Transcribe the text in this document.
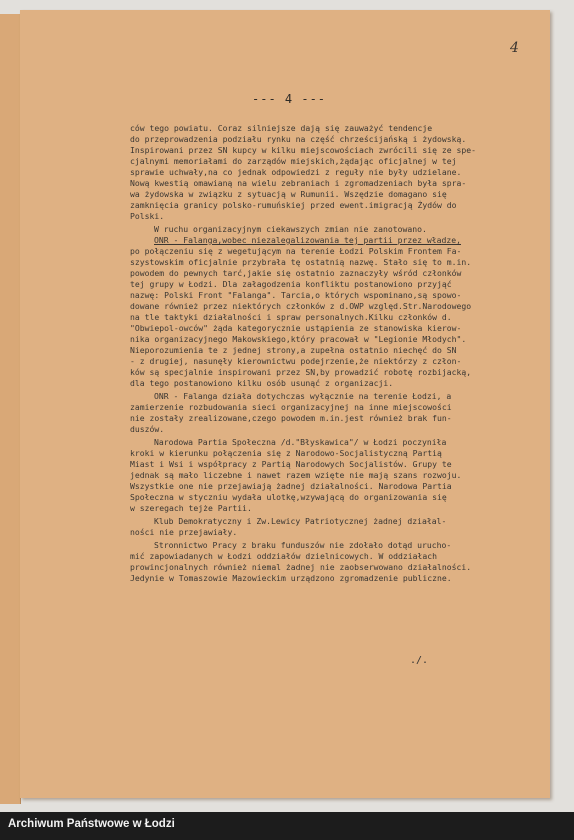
4
--- 4 ---
ców tego powiatu. Coraz silniejsze dają się zauważyć tendencje
do przeprowadzenia podziału rynku na część chrześcijańską i żydowską.
Inspirowani przez SN kupcy w kilku miejscowościach zwrócili się ze spe-
cjalnymi memoriałami do zarządów miejskich,żądając oficjalnej w tej
sprawie uchwały,na co jednak odpowiedzi z reguły nie były udzielane.
Nową kwestią omawianą na wielu zebraniach i zgromadzeniach była spra-
wa żydowska w związku z sytuacją w Rumunii. Wszędzie domagano się
zamknięcia granicy polsko-rumuńskiej przed ewent.imigracją Żydów do
Polski.
W ruchu organizacyjnym ciekawszych zmian nie zanotowano.
ONR - Falanga,wobec niezalegalizowania tej partii przez władze,
po połączeniu się z wegetującym na terenie Łodzi Polskim Frontem Fa-
szystowskim oficjalnie przybrała tę ostatnią nazwę. Stało się to m.in.
powodem do pewnych tarć,jakie się ostatnio zaznaczyły wśród członków
tej grupy w Łodzi. Dla załagodzenia konfliktu postanowiono przyjąć
nazwę: Polski Front "Falanga". Tarcia,o których wspominano,są spowo-
dowane również przez niektórych członków z d.OWP względ.Str.Narodowego
na tle taktyki działalności i spraw personalnych.Kilku członków d.
"Obwiepol-owców" żąda kategorycznie ustąpienia ze stanowiska kierow-
nika organizacyjnego Makowskiego,który pracował w "Legionie Młodych".
Nieporozumienia te z jednej strony,a zupełna ostatnio niechęć do SN
- z drugiej, nasunęły kierownictwu podejrzenie,że niektórzy z człon-
ków są specjalnie inspirowani przez SN,by prowadzić robotę rozbijacką,
dla tego postanowiono kilku osób usunąć z organizacji.
ONR - Falanga działa dotychczas wyłącznie na terenie Łodzi, a
zamierzenie rozbudowania sieci organizacyjnej na inne miejscowości
nie zostały zrealizowane,czego powodem m.in.jest również brak fun-
duszów.
Narodowa Partia Społeczna /d."Błyskawica"/ w Łodzi poczyniła
kroki w kierunku połączenia się z Narodowo-Socjalistyczną Partią
Miast i Wsi i współpracy z Partią Narodowych Socjalistów. Grupy te
jednak są mało liczebne i nawet razem wzięte nie mają szans rozwoju.
Wszystkie one nie przejawiają żadnej działalności. Narodowa Partia
Społeczna w styczniu wydała ulotkę,wzywającą do organizowania się
w szeregach tejże Partii.
Klub Demokratyczny i Zw.Lewicy Patriotycznej żadnej działal-
ności nie przejawiały.
Stronnictwo Pracy z braku funduszów nie zdołało dotąd urucho-
mić zapowiadanych w Łodzi oddziałów dzielnicowych. W oddziałach
prowincjonalnych również niemal żadnej nie zaobserwowano działalności.
Jedynie w Tomaszowie Mazowieckim urządzono zgromadzenie publiczne.
./.
Archiwum Państwowe w Łodzi
